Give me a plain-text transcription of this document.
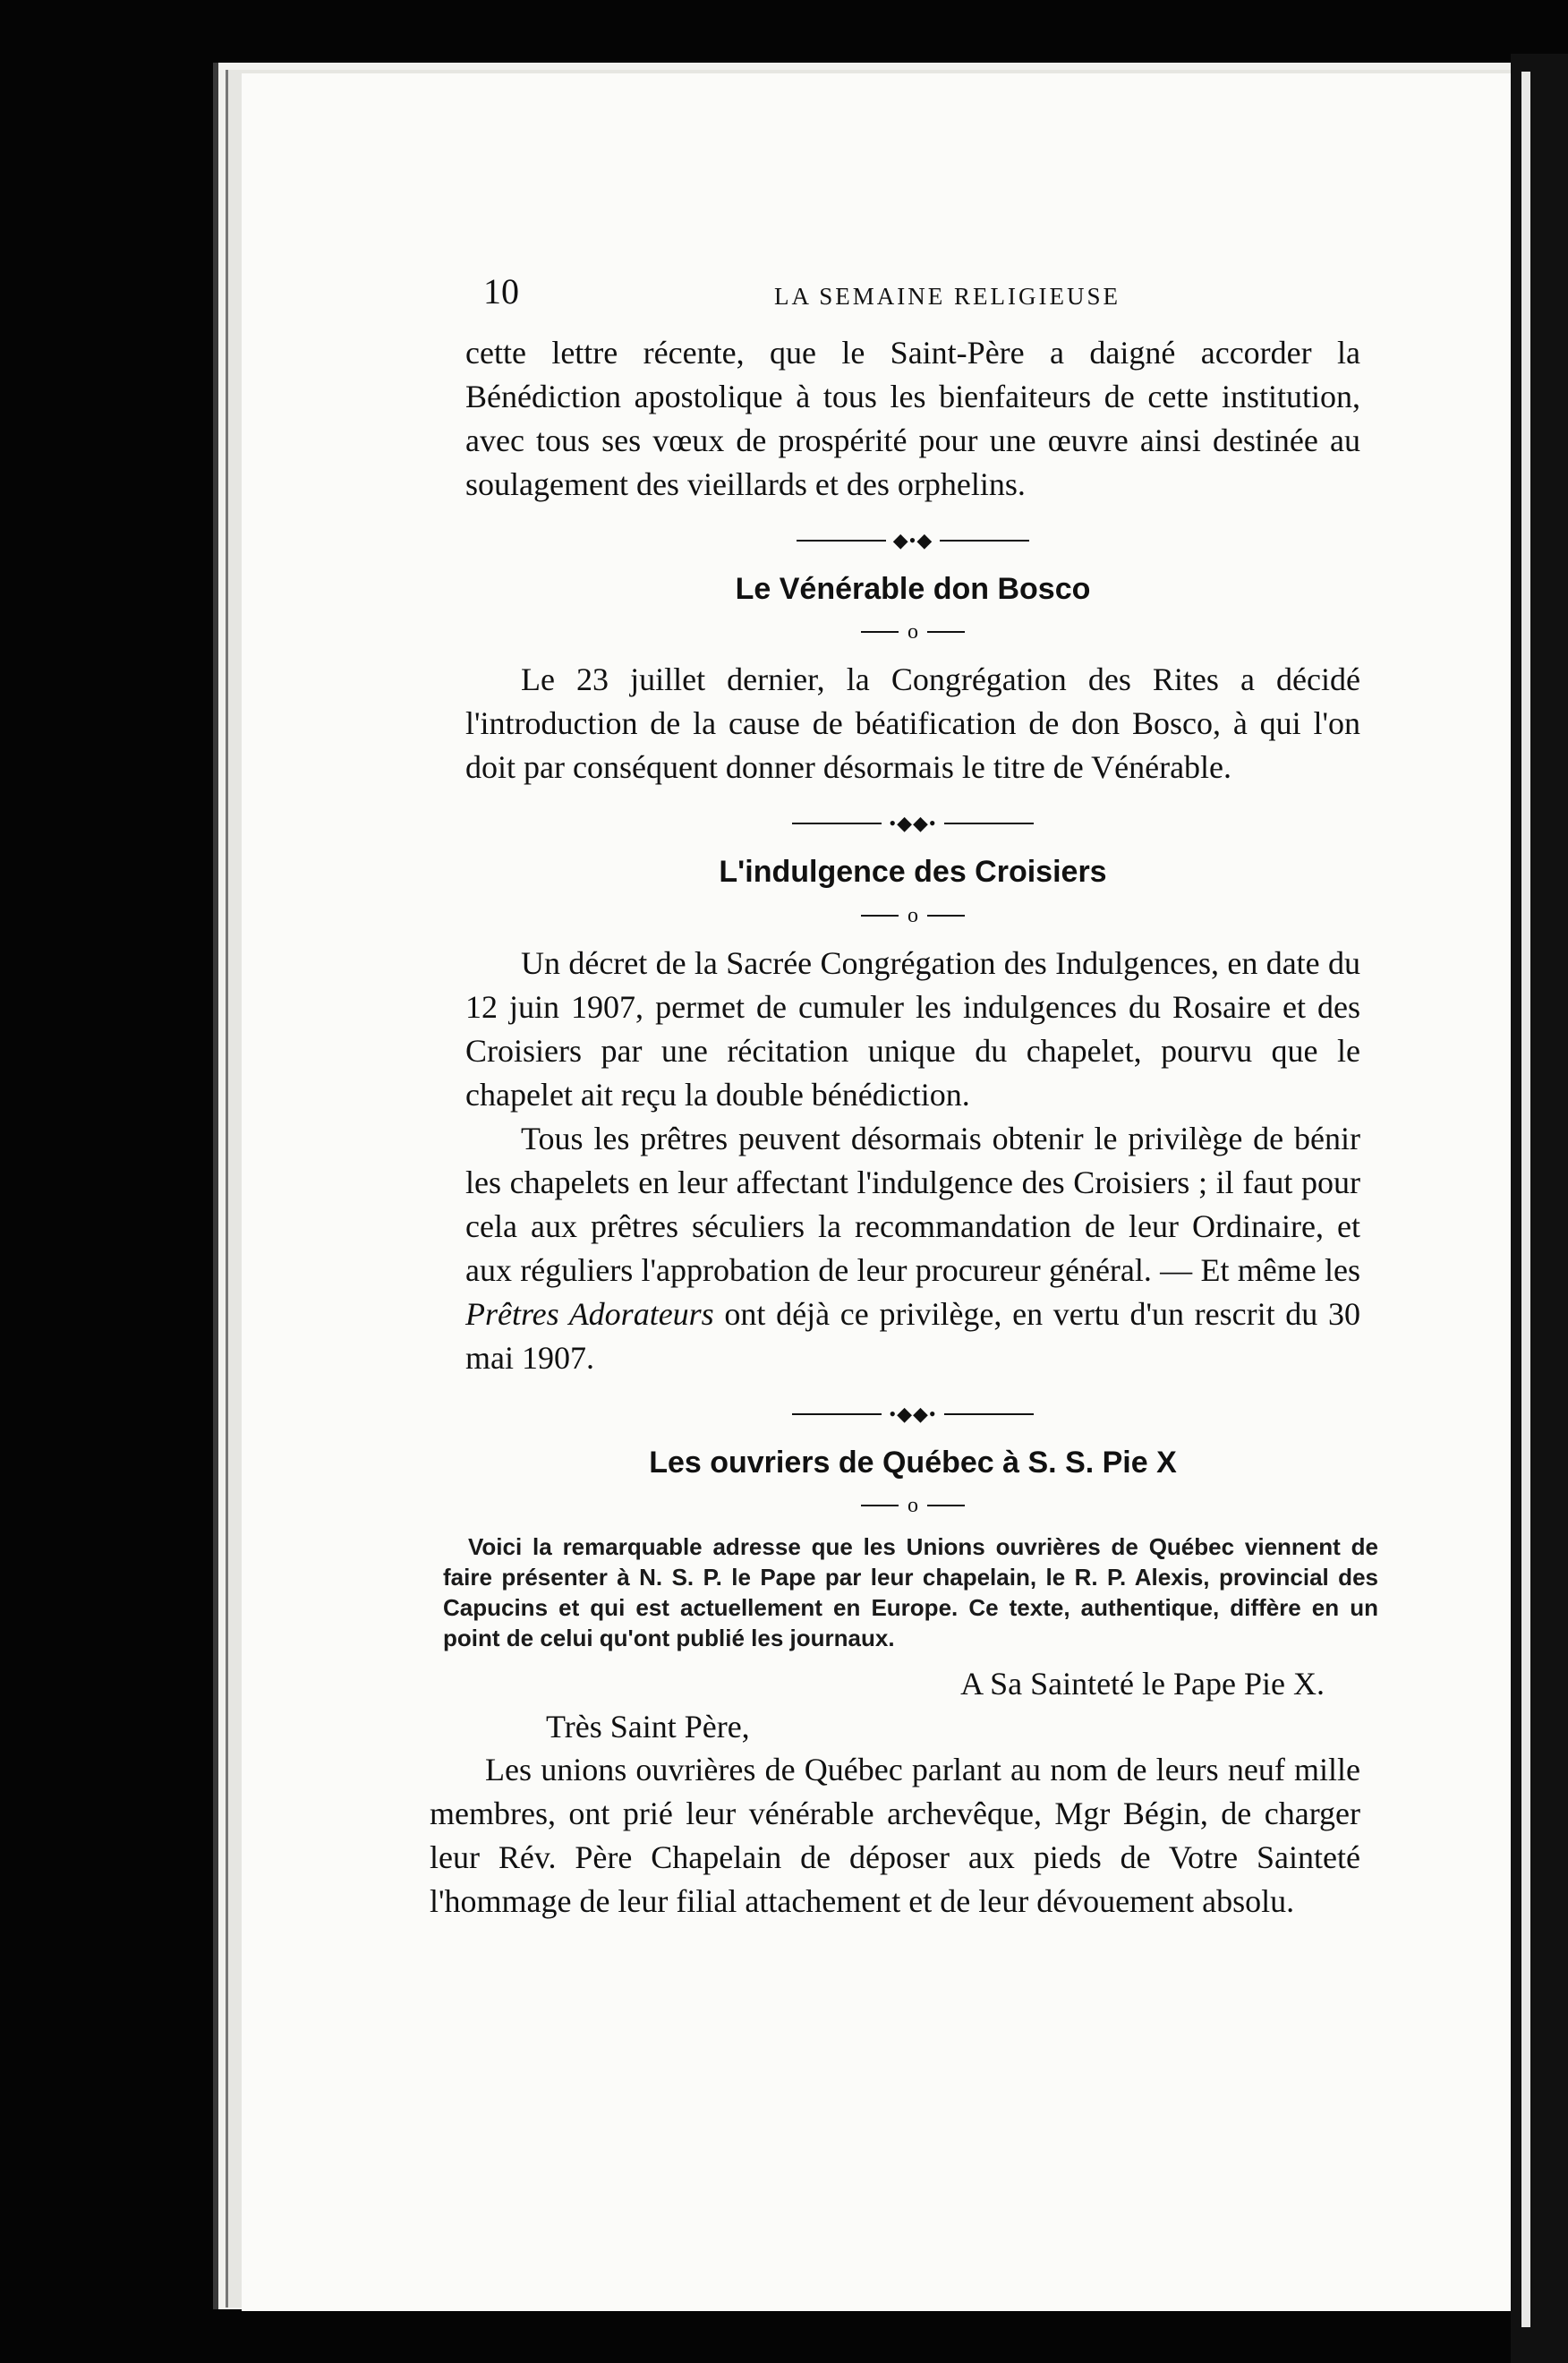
10	LA SEMAINE RELIGIEUSE

cette lettre récente, que le Saint-Père a daigné accorder la Bénédiction apostolique à tous les bienfaiteurs de cette institution, avec tous ses vœux de prospérité pour une œuvre ainsi destinée au soulagement des vieillards et des orphelins.

◆•◆
Le Vénérable don Bosco
o

Le 23 juillet dernier, la Congrégation des Rites a décidé l'introduction de la cause de béatification de don Bosco, à qui l'on doit par conséquent donner désormais le titre de Vénérable.

•◆◆•
L'indulgence des Croisiers
o

Un décret de la Sacrée Congrégation des Indulgences, en date du 12 juin 1907, permet de cumuler les indulgences du Rosaire et des Croisiers par une récitation unique du chapelet, pourvu que le chapelet ait reçu la double bénédiction.

Tous les prêtres peuvent désormais obtenir le privilège de bénir les chapelets en leur affectant l'indulgence des Croisiers ; il faut pour cela aux prêtres séculiers la recommandation de leur Ordinaire, et aux réguliers l'approbation de leur procureur général. — Et même les Prêtres Adorateurs ont déjà ce privilège, en vertu d'un rescrit du 30 mai 1907.

•◆◆•
Les ouvriers de Québec à S. S. Pie X
o

Voici la remarquable adresse que les Unions ouvrières de Québec viennent de faire présenter à N. S. P. le Pape par leur chapelain, le R. P. Alexis, provincial des Capucins et qui est actuellement en Europe. Ce texte, authentique, diffère en un point de celui qu'ont publié les journaux.

A Sa Sainteté le Pape Pie X.
Très Saint Père,

Les unions ouvrières de Québec parlant au nom de leurs neuf mille membres, ont prié leur vénérable archevêque, Mgr Bégin, de charger leur Rév. Père Chapelain de déposer aux pieds de Votre Sainteté l'hommage de leur filial attachement et de leur dévouement absolu.
